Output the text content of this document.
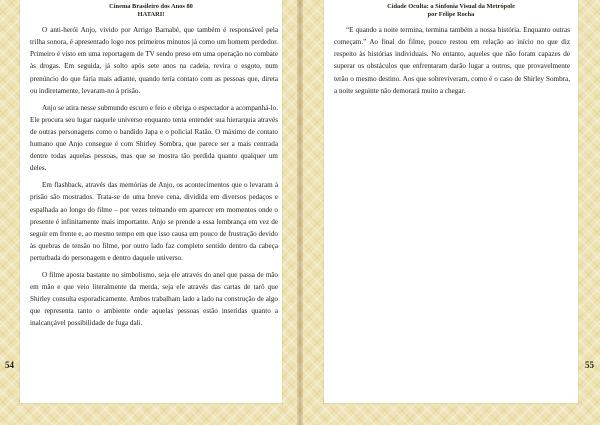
Cinema Brasileiro dos Anos 80
HATARI!

O anti-herói Anjo, vivido por Arrigo Barnabé, que também é responsável pela trilha sonora, é apresentado logo nos primeiros minutos já como um homem perdedor. Primeiro é visto em uma reportagem de TV sendo preso em uma operação no combate às drogas. Em seguida, já solto após sete anos na cadeia, revira o esgoto, num prenúncio do que faria mais adiante, quando teria contato com as pessoas que, direta ou indiretamente, levaram-no à prisão.

Anjo se atira nesse submundo escuro e feio e obriga o espectador a acompanhá-lo. Ele procura seu lugar naquele universo enquanto tenta entender sua hierarquia através de outras personagens como o bandido Japa e o policial Ratão. O máximo de contato humano que Anjo consegue é com Shirley Sombra, que parece ser a mais centrada dentre todas aquelas pessoas, mas que se mostra tão perdida quanto qualquer um deles.

Em flashback, através das memórias de Anjo, os acontecimentos que o levaram à prisão são mostrados. Trata-se de uma breve cena, dividida em diversos pedaços e espalhada ao longo do filme – por vezes teimando em aparecer em momentos onde o presente é infinitamente mais importante. Anjo se prende a essa lembrança em vez de seguir em frente e, ao mesmo tempo em que isso causa um pouco de frustração devido às quebras de tensão no filme, por outro lado faz completo sentido dentro da cabeça perturbada do personagem e dentro daquele universo.

O filme aposta bastante no simbolismo, seja ele através do anel que passa de mão em mão e que veio literalmente da merda, seja ele através das cartas de tarô que Shirley consulta esporadicamente. Ambos trabalham lado a lado na construção de algo que representa tanto o ambiente onde aquelas pessoas estão inseridas quanto a inalcançável possibilidade de fuga dali.

54
Cidade Oculta: a Sinfonia Visual da Metrópole
por Felipe Rocha

“E quando a noite termina, termina também a nossa história. Enquanto outras começam.” Ao final do filme, pouco restou em relação ao início no que diz respeito às histórias individuais. No entanto, aqueles que não foram capazes de superar os obstáculos que enfrentaram darão lugar a outros, que provavelmente terão o mesmo destino. Aos que sobreviveram, como é o caso de Shirley Sombra, a noite seguinte não demorará muito a chegar.

55
